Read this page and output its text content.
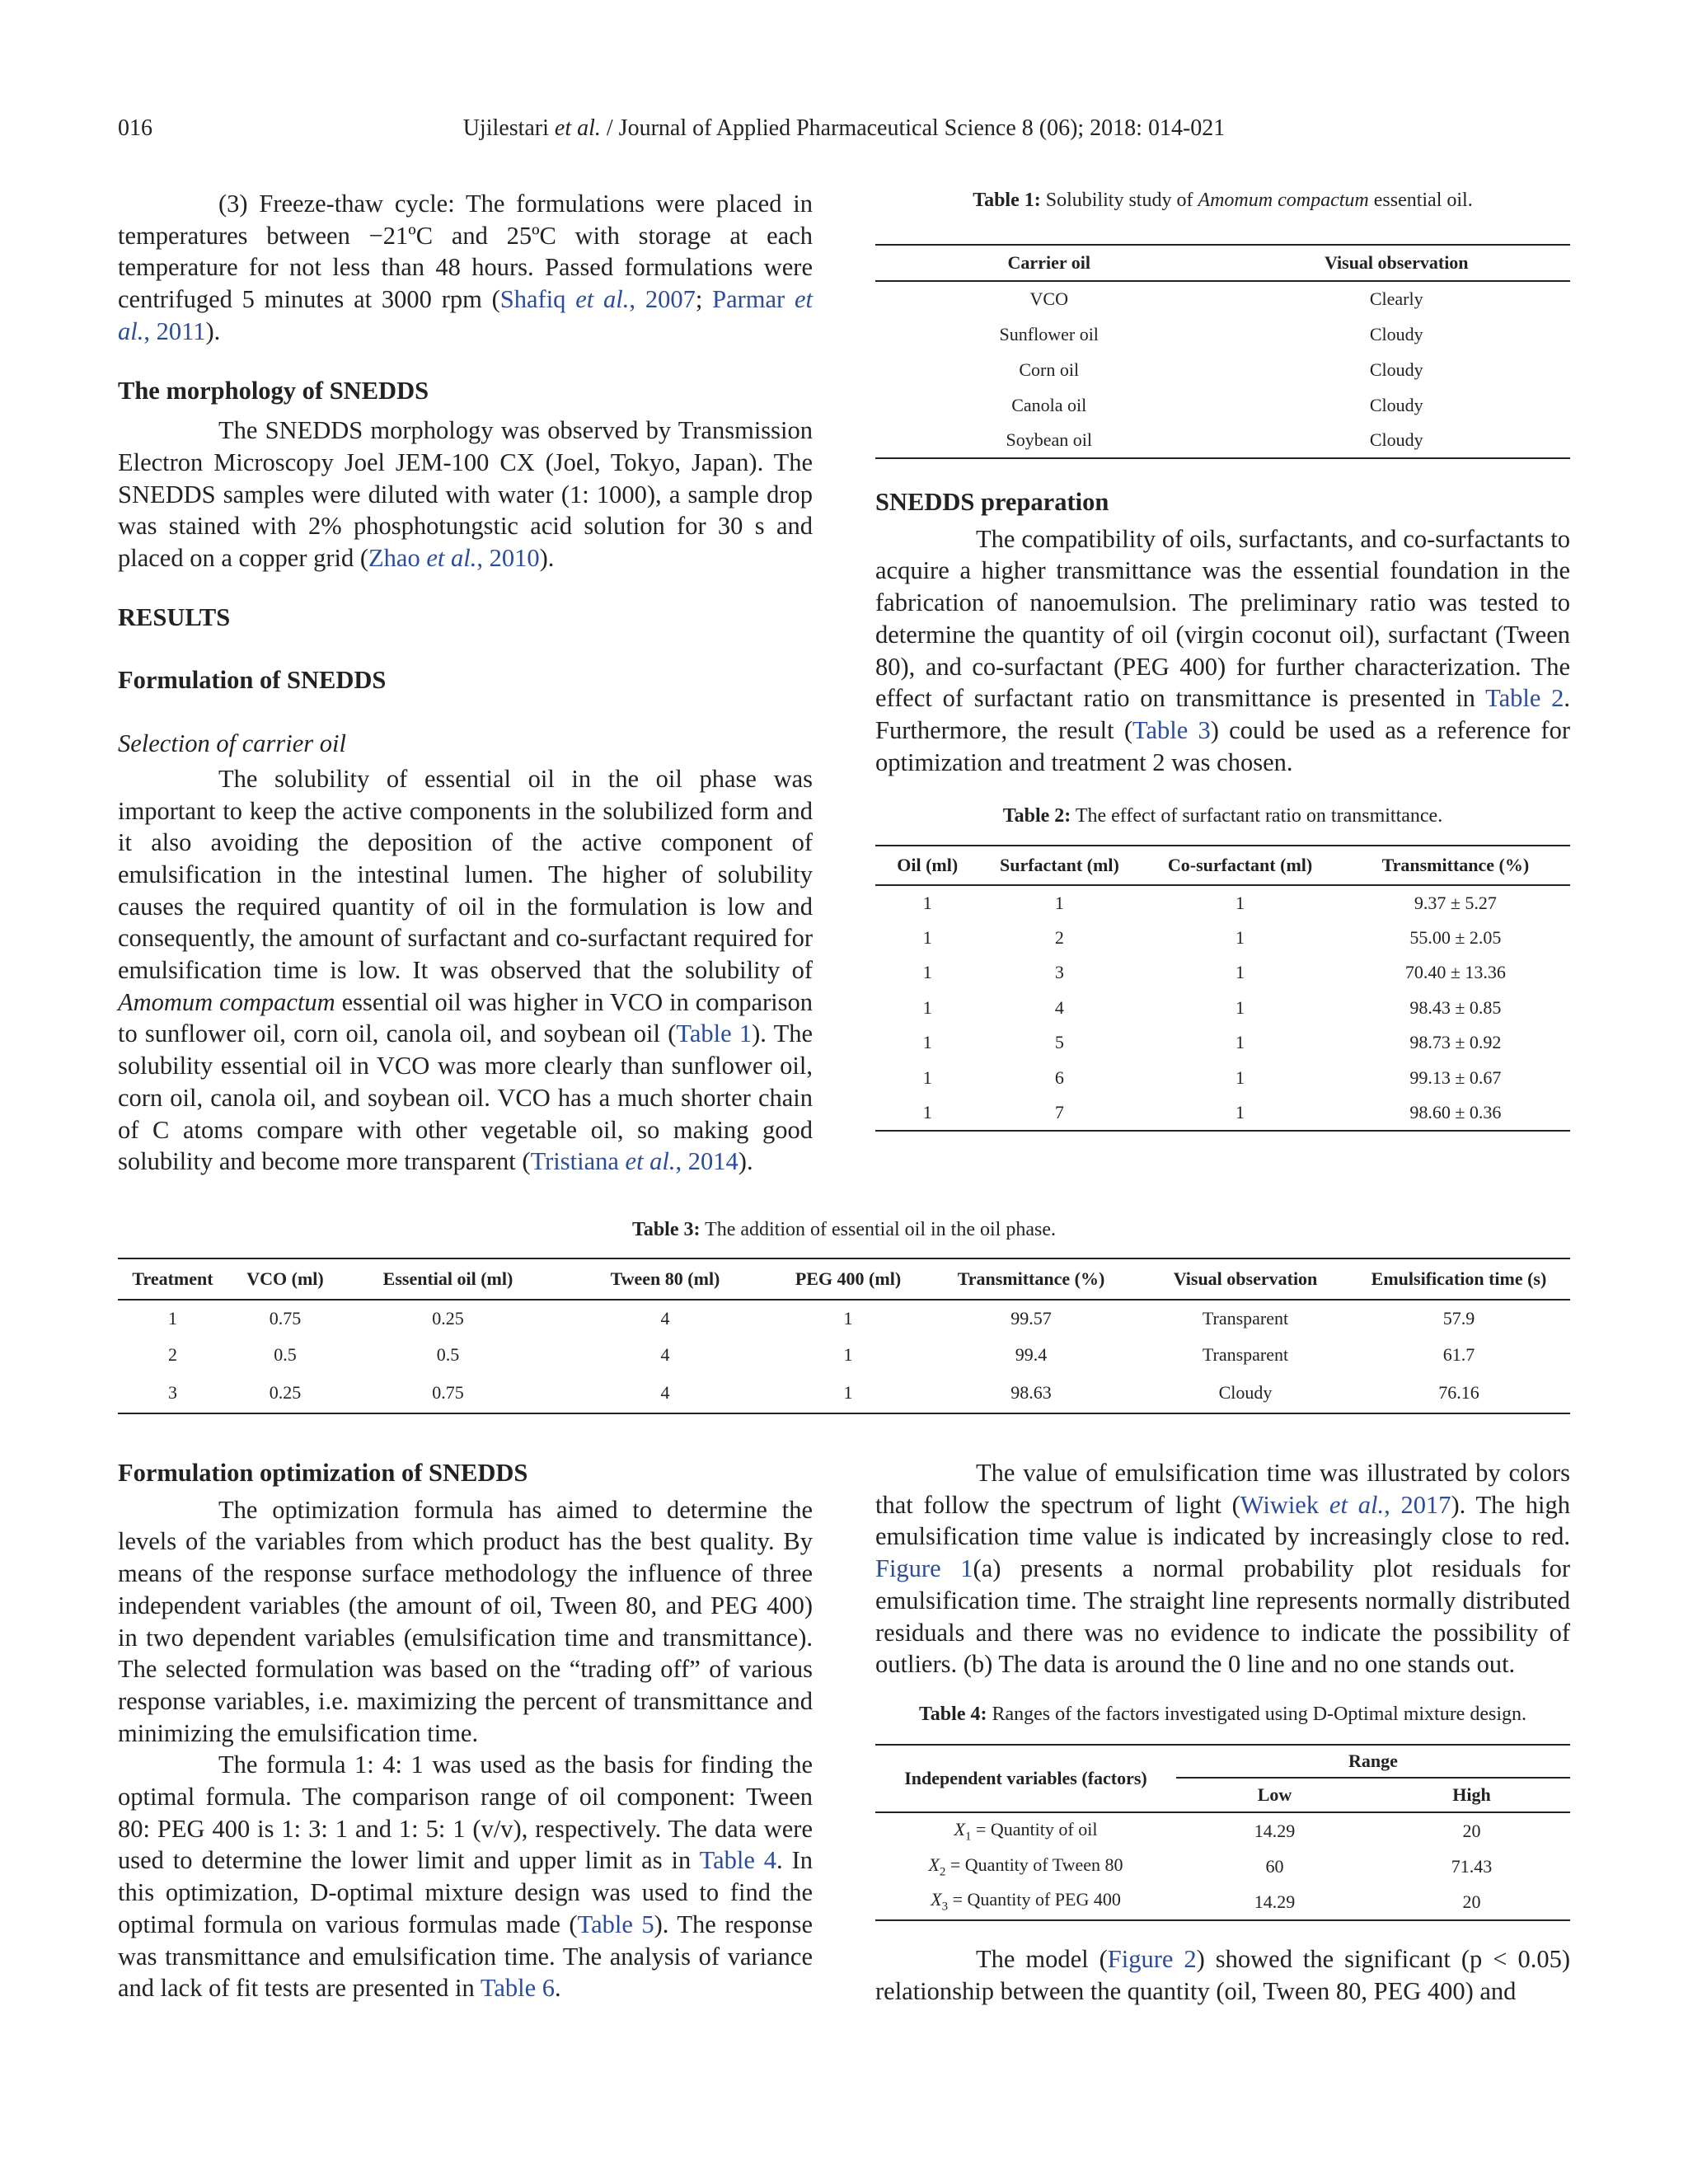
016	Ujilestari et al. / Journal of Applied Pharmaceutical Science 8 (06); 2018: 014-021

(3) Freeze-thaw cycle: The formulations were placed in temperatures between −21ºC and 25ºC with storage at each temperature for not less than 48 hours. Passed formulations were centrifuged 5 minutes at 3000 rpm (Shafiq et al., 2007; Parmar et al., 2011).

The morphology of SNEDDS

The SNEDDS morphology was observed by Transmission Electron Microscopy Joel JEM-100 CX (Joel, Tokyo, Japan). The SNEDDS samples were diluted with water (1: 1000), a sample drop was stained with 2% phosphotungstic acid solution for 30 s and placed on a copper grid (Zhao et al., 2010).

RESULTS
Formulation of SNEDDS
Selection of carrier oil

The solubility of essential oil in the oil phase was important to keep the active components in the solubilized form and it also avoiding the deposition of the active component of emulsification in the intestinal lumen. The higher of solubility causes the required quantity of oil in the formulation is low and consequently, the amount of surfactant and co-surfactant required for emulsification time is low. It was observed that the solubility of Amomum compactum essential oil was higher in VCO in comparison to sunflower oil, corn oil, canola oil, and soybean oil (Table 1). The solubility essential oil in VCO was more clearly than sunflower oil, corn oil, canola oil, and soybean oil. VCO has a much shorter chain of C atoms compare with other vegetable oil, so making good solubility and become more transparent (Tristiana et al., 2014).

Table 1: Solubility study of Amomum compactum essential oil.
Carrier oil	Visual observation
VCO	Clearly
Sunflower oil	Cloudy
Corn oil	Cloudy
Canola oil	Cloudy
Soybean oil	Cloudy
SNEDDS preparation

The compatibility of oils, surfactants, and co-surfactants to acquire a higher transmittance was the essential foundation in the fabrication of nanoemulsion. The preliminary ratio was tested to determine the quantity of oil (virgin coconut oil), surfactant (Tween 80), and co-surfactant (PEG 400) for further characterization. The effect of surfactant ratio on transmittance is presented in Table 2. Furthermore, the result (Table 3) could be used as a reference for optimization and treatment 2 was chosen.

Table 2: The effect of surfactant ratio on transmittance.
Oil (ml)	Surfactant (ml)	Co-surfactant (ml)	Transmittance (%)
1	1	1	9.37 ± 5.27
1	2	1	55.00 ± 2.05
1	3	1	70.40 ± 13.36
1	4	1	98.43 ± 0.85
1	5	1	98.73 ± 0.92
1	6	1	99.13 ± 0.67
1	7	1	98.60 ± 0.36
Table 3: The addition of essential oil in the oil phase.
Treatment	VCO (ml)	Essential oil (ml)	Tween 80 (ml)	PEG 400 (ml)	Transmittance (%)	Visual observation	Emulsification time (s)
1	0.75	0.25	4	1	99.57	Transparent	57.9
2	0.5	0.5	4	1	99.4	Transparent	61.7
3	0.25	0.75	4	1	98.63	Cloudy	76.16
Formulation optimization of SNEDDS

The optimization formula has aimed to determine the levels of the variables from which product has the best quality. By means of the response surface methodology the influence of three independent variables (the amount of oil, Tween 80, and PEG 400) in two dependent variables (emulsification time and transmittance). The selected formulation was based on the “trading off” of various response variables, i.e. maximizing the percent of transmittance and minimizing the emulsification time.

The formula 1: 4: 1 was used as the basis for finding the optimal formula. The comparison range of oil component: Tween 80: PEG 400 is 1: 3: 1 and 1: 5: 1 (v/v), respectively. The data were used to determine the lower limit and upper limit as in Table 4. In this optimization, D-optimal mixture design was used to find the optimal formula on various formulas made (Table 5). The response was transmittance and emulsification time. The analysis of variance and lack of fit tests are presented in Table 6.

The value of emulsification time was illustrated by colors that follow the spectrum of light (Wiwiek et al., 2017). The high emulsification time value is indicated by increasingly close to red. Figure 1(a) presents a normal probability plot residuals for emulsification time. The straight line represents normally distributed residuals and there was no evidence to indicate the possibility of outliers. (b) The data is around the 0 line and no one stands out.

Table 4: Ranges of the factors investigated using D-Optimal mixture design.
Independent variables (factors)	Range	
	Low	High
$X_1$ = Quantity of oil	14.29	20
$X_2$ = Quantity of Tween 80	60	71.43
$X_3$ = Quantity of PEG 400	14.29	20

The model (Figure 2) showed the significant (p < 0.05) relationship between the quantity (oil, Tween 80, PEG 400) and
